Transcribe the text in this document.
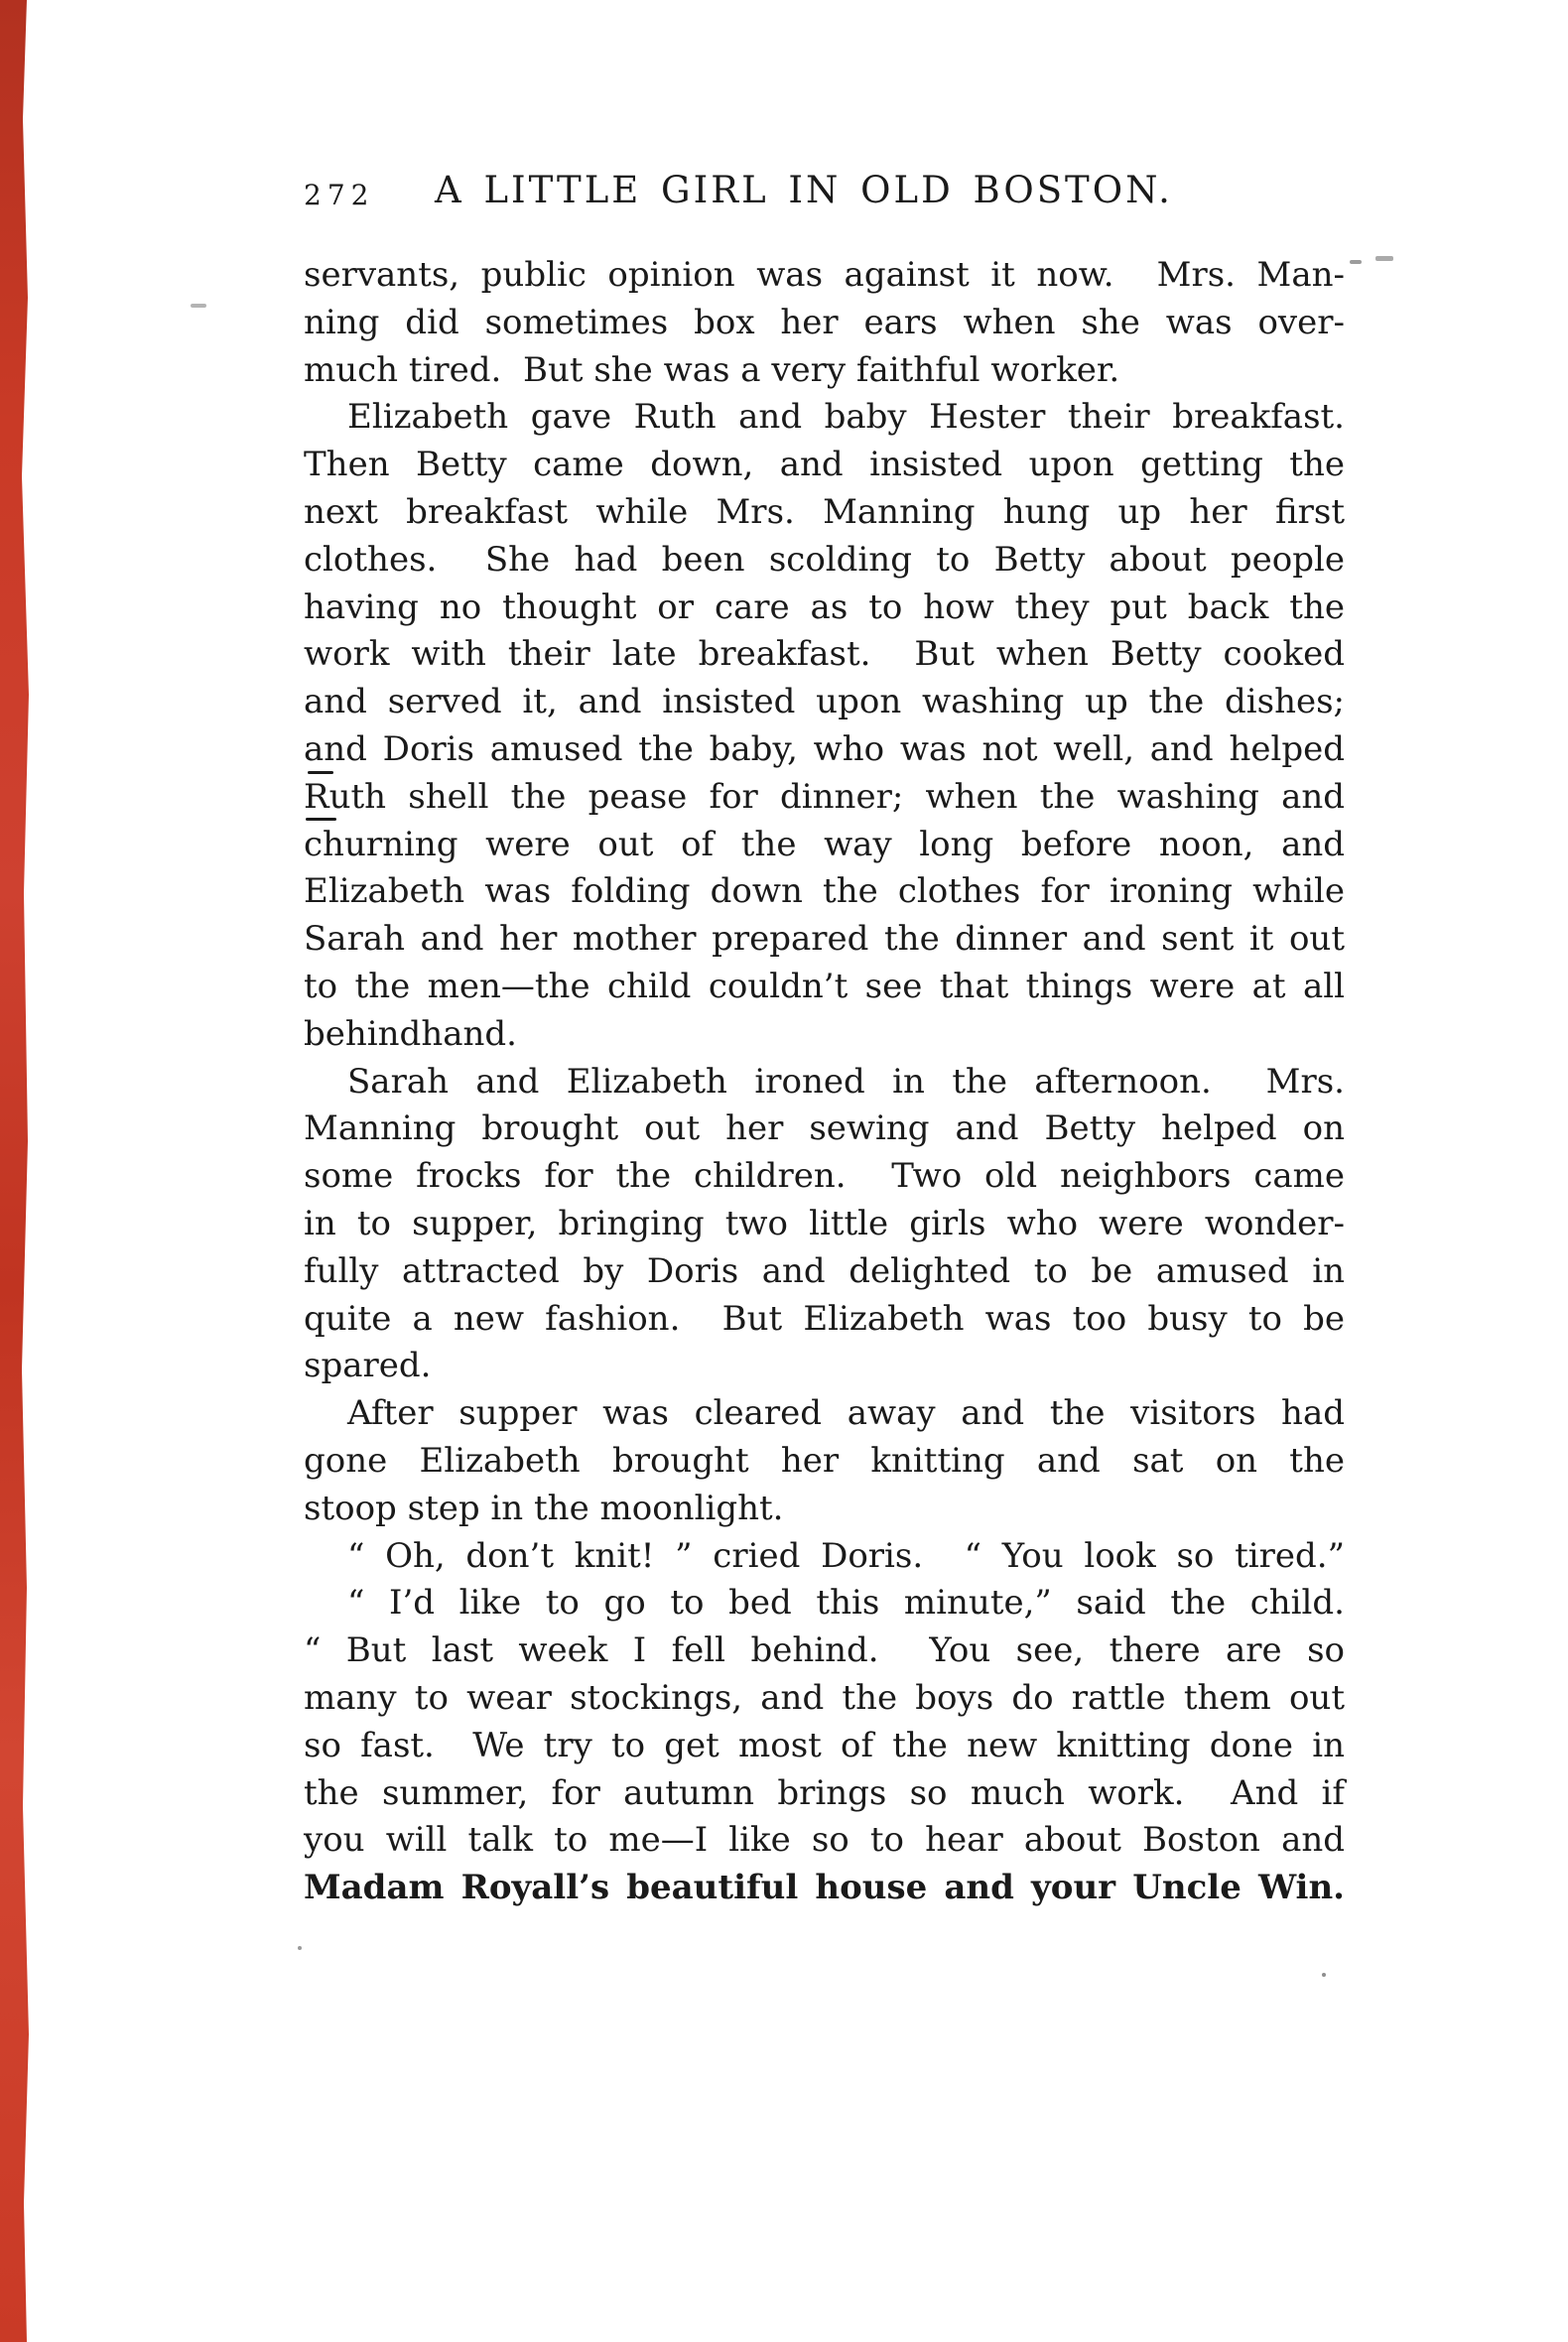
272 A LITTLE GIRL IN OLD BOSTON.
servants, public opinion was against it now.  Mrs. Man-
ning did sometimes box her ears when she was over-
much tired.  But she was a very faithful worker.
Elizabeth gave Ruth and baby Hester their breakfast.
Then Betty came down, and insisted upon getting the
next breakfast while Mrs. Manning hung up her first
clothes.  She had been scolding to Betty about people
having no thought or care as to how they put back the
work with their late breakfast.  But when Betty cooked
and served it, and insisted upon washing up the dishes;
and Doris amused the baby, who was not well, and helped
Ruth shell the pease for dinner; when the washing and
churning were out of the way long before noon, and
Elizabeth was folding down the clothes for ironing while
Sarah and her mother prepared the dinner and sent it out
to the men—the child couldn’t see that things were at all
behindhand.
Sarah and Elizabeth ironed in the afternoon.  Mrs.
Manning brought out her sewing and Betty helped on
some frocks for the children.  Two old neighbors came
in to supper, bringing two little girls who were wonder-
fully attracted by Doris and delighted to be amused in
quite a new fashion.  But Elizabeth was too busy to be
spared.
After supper was cleared away and the visitors had
gone Elizabeth brought her knitting and sat on the
stoop step in the moonlight.
“ Oh, don’t knit! ” cried Doris.  “ You look so tired.”
“ I’d like to go to bed this minute,” said the child.
“ But last week I fell behind.  You see, there are so
many to wear stockings, and the boys do rattle them out
so fast.  We try to get most of the new knitting done in
the summer, for autumn brings so much work.  And if
you will talk to me—I like so to hear about Boston and
Madam Royall’s beautiful house and your Uncle Win.
